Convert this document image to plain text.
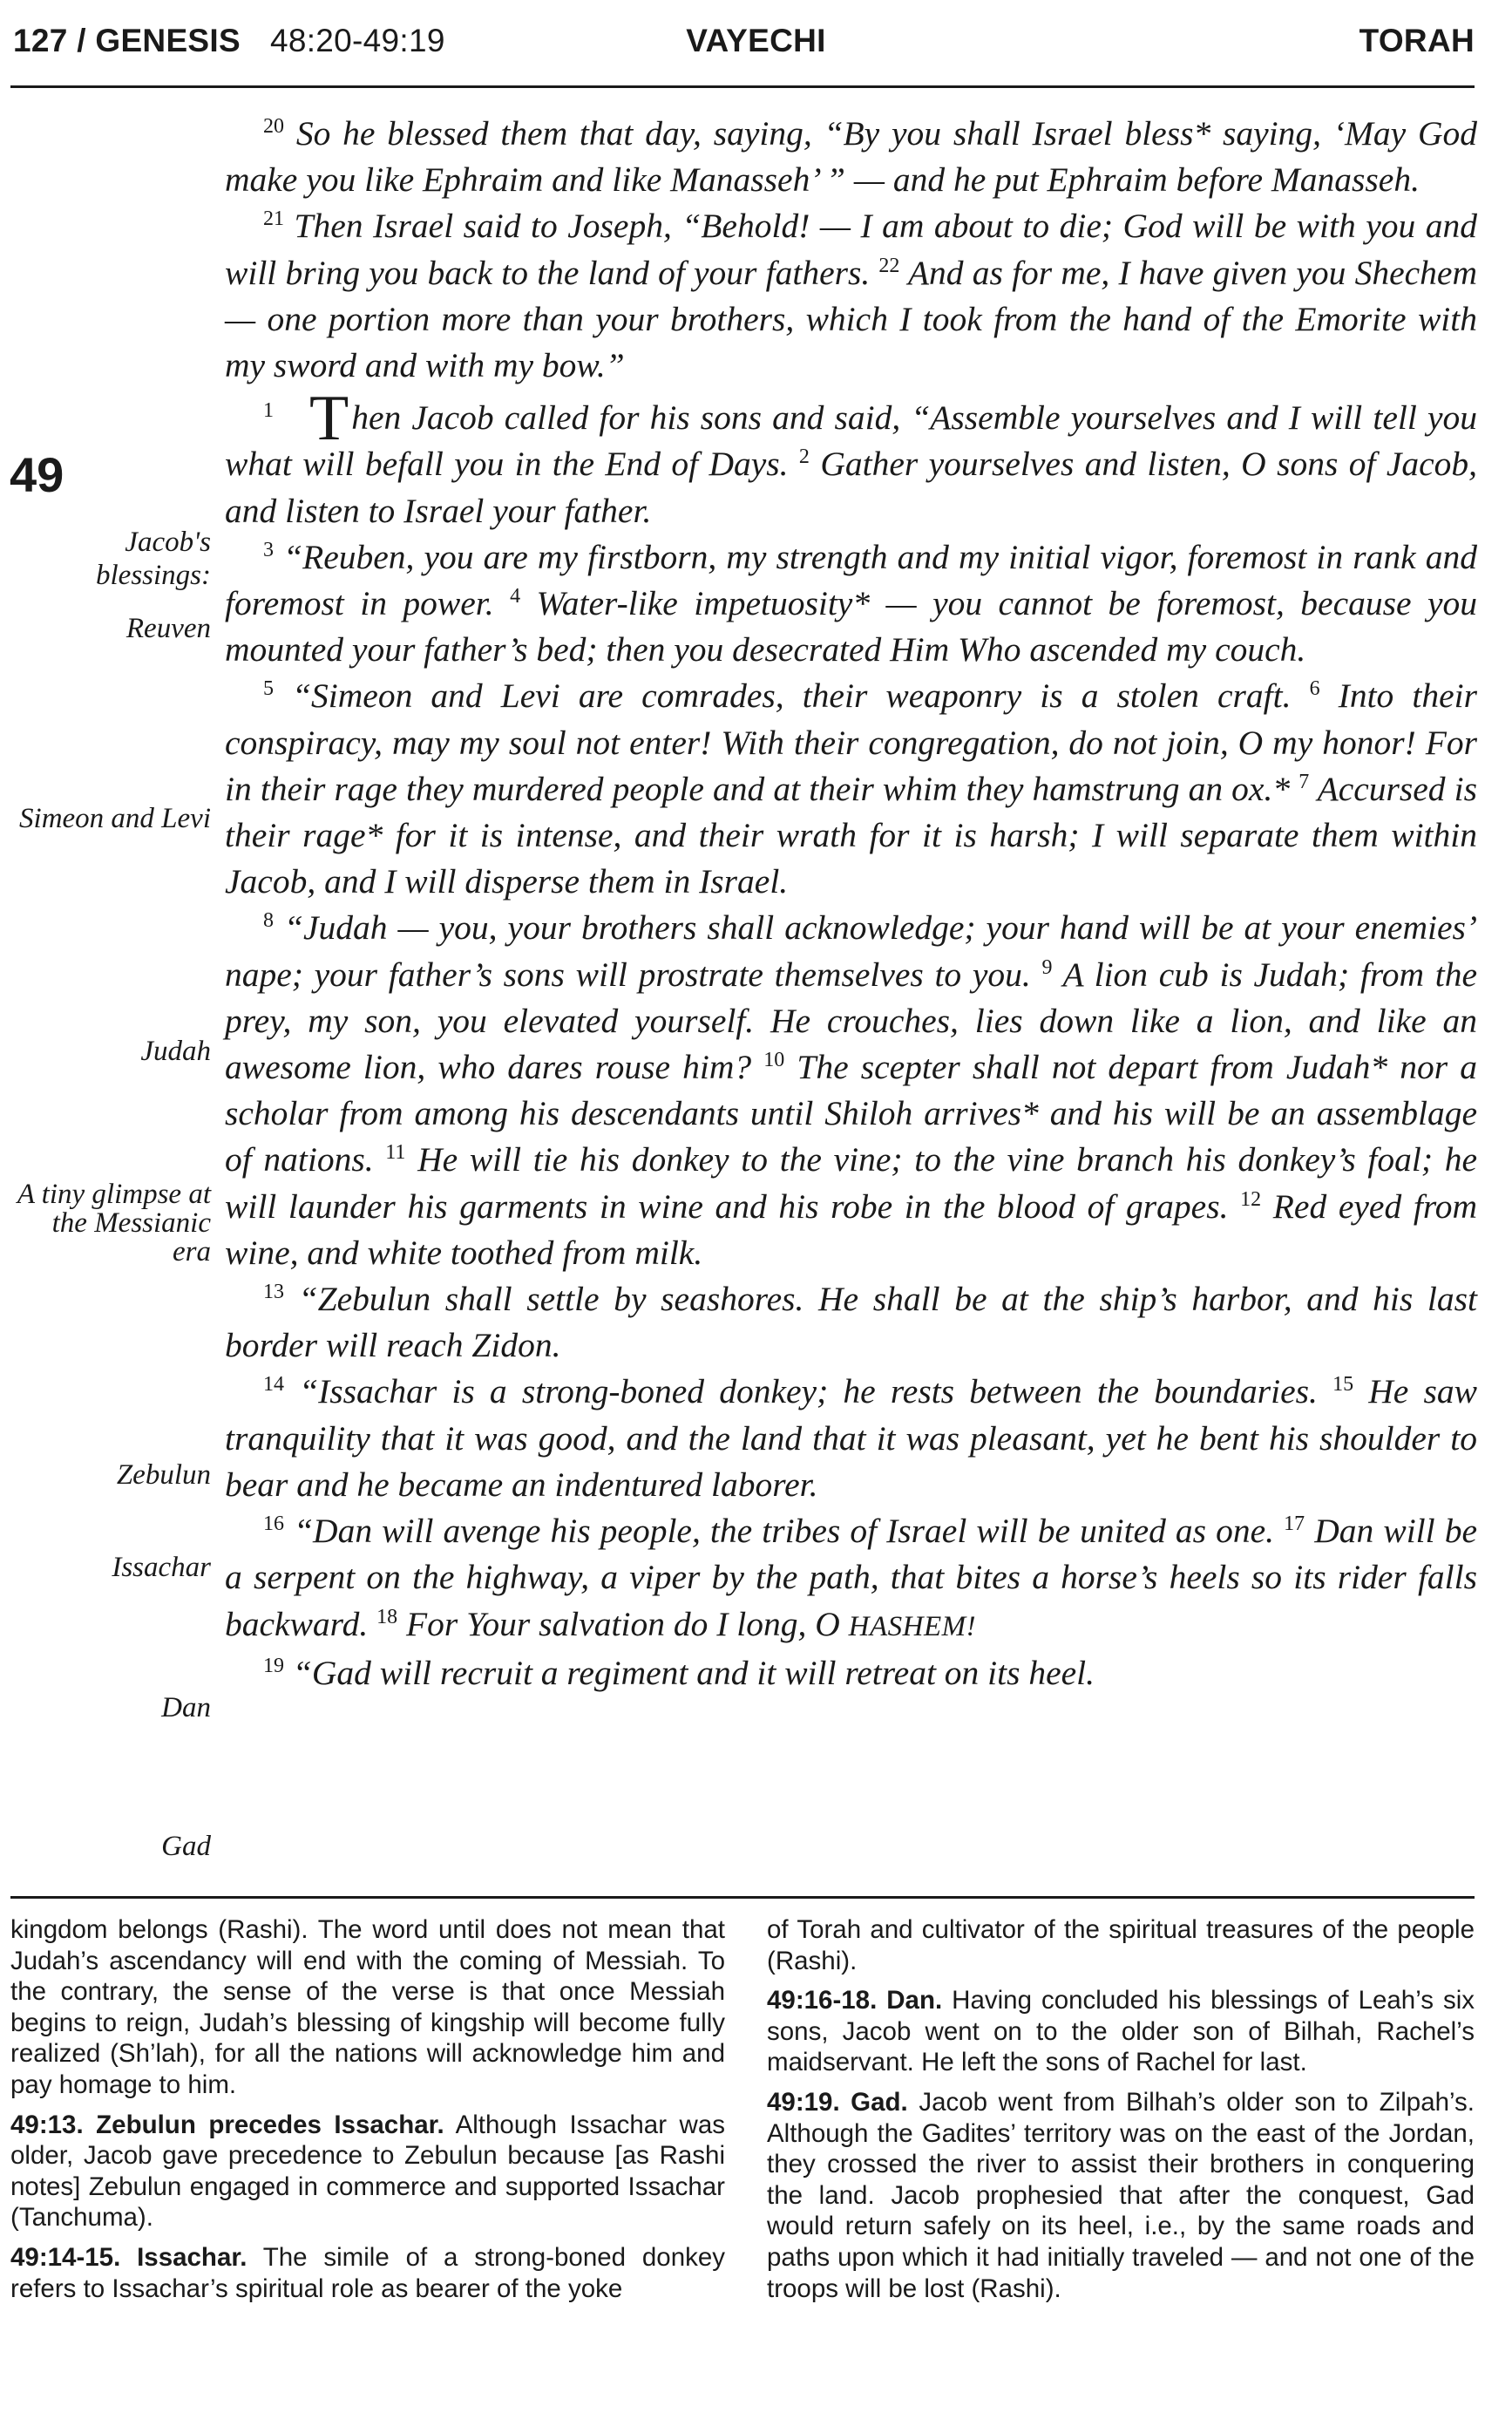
127 / GENESIS 48:20-49:19	VAYECHI	TORAH

$^{20}$ So he blessed them that day, saying, “By you shall Israel bless* saying, ‘May God make you like Ephraim and like Manasseh’ ” — and he put Ephraim before Manasseh.

$^{21}$ Then Israel said to Joseph, “Behold! — I am about to die; God will be with you and will bring you back to the land of your fathers. $^{22}$ And as for me, I have given you Shechem — one portion more than your brothers, which I took from the hand of the Emorite with my sword and with my bow.”

$^1$ Then Jacob called for his sons and said, “Assemble yourselves and I will tell you what will befall you in the End of Days. $^2$ Gather yourselves and listen, O sons of Jacob, and listen to Israel your father.

$^3$ “Reuben, you are my firstborn, my strength and my initial vigor, foremost in rank and foremost in power. $^4$ Water-like impetuosity* — you cannot be foremost, because you mounted your father’s bed; then you desecrated Him Who ascended my couch.

$^5$ “Simeon and Levi are comrades, their weaponry is a stolen craft. $^6$ Into their conspiracy, may my soul not enter! With their congregation, do not join, O my honor! For in their rage they murdered people and at their whim they hamstrung an ox.* $^7$ Accursed is their rage* for it is intense, and their wrath for it is harsh; I will separate them within Jacob, and I will disperse them in Israel.

$^8$ “Judah — you, your brothers shall acknowledge; your hand will be at your enemies’ nape; your father’s sons will prostrate themselves to you. $^9$ A lion cub is Judah; from the prey, my son, you elevated yourself. He crouches, lies down like a lion, and like an awesome lion, who dares rouse him? $^{10}$ The scepter shall not depart from Judah* nor a scholar from among his descendants until Shiloh arrives* and his will be an assemblage of nations. $^{11}$ He will tie his donkey to the vine; to the vine branch his donkey’s foal; he will launder his garments in wine and his robe in the blood of grapes. $^{12}$ Red eyed from wine, and white toothed from milk.

$^{13}$ “Zebulun shall settle by seashores. He shall be at the ship’s harbor, and his last border will reach Zidon.

$^{14}$ “Issachar is a strong-boned donkey; he rests between the boundaries. $^{15}$ He saw tranquility that it was good, and the land that it was pleasant, yet he bent his shoulder to bear and he became an indentured laborer.

$^{16}$ “Dan will avenge his people, the tribes of Israel will be united as one. $^{17}$ Dan will be a serpent on the highway, a viper by the path, that bites a horse’s heels so its rider falls backward. $^{18}$ For Your salvation do I long, O HASHEM!

$^{19}$ “Gad will recruit a regiment and it will retreat on its heel.

49
Jacob's blessings:
Reuven
Simeon and Levi
Judah
A tiny glimpse at the Messianic era
Zebulun
Issachar
Dan
Gad

kingdom belongs (Rashi). The word until does not mean that Judah’s ascendancy will end with the coming of Messiah. To the contrary, the sense of the verse is that once Messiah begins to reign, Judah’s blessing of kingship will become fully realized (Sh’lah), for all the nations will acknowledge him and pay homage to him.

49:13. Zebulun precedes Issachar. Although Issachar was older, Jacob gave precedence to Zebulun because [as Rashi notes] Zebulun engaged in commerce and supported Issachar (Tanchuma).

49:14-15. Issachar. The simile of a strong-boned donkey refers to Issachar’s spiritual role as bearer of the yoke

of Torah and cultivator of the spiritual treasures of the people (Rashi).

49:16-18. Dan. Having concluded his blessings of Leah’s six sons, Jacob went on to the older son of Bilhah, Rachel’s maidservant. He left the sons of Rachel for last.

49:19. Gad. Jacob went from Bilhah’s older son to Zilpah’s. Although the Gadites’ territory was on the east of the Jordan, they crossed the river to assist their brothers in conquering the land. Jacob prophesied that after the conquest, Gad would return safely on its heel, i.e., by the same roads and paths upon which it had initially traveled — and not one of the troops will be lost (Rashi).
